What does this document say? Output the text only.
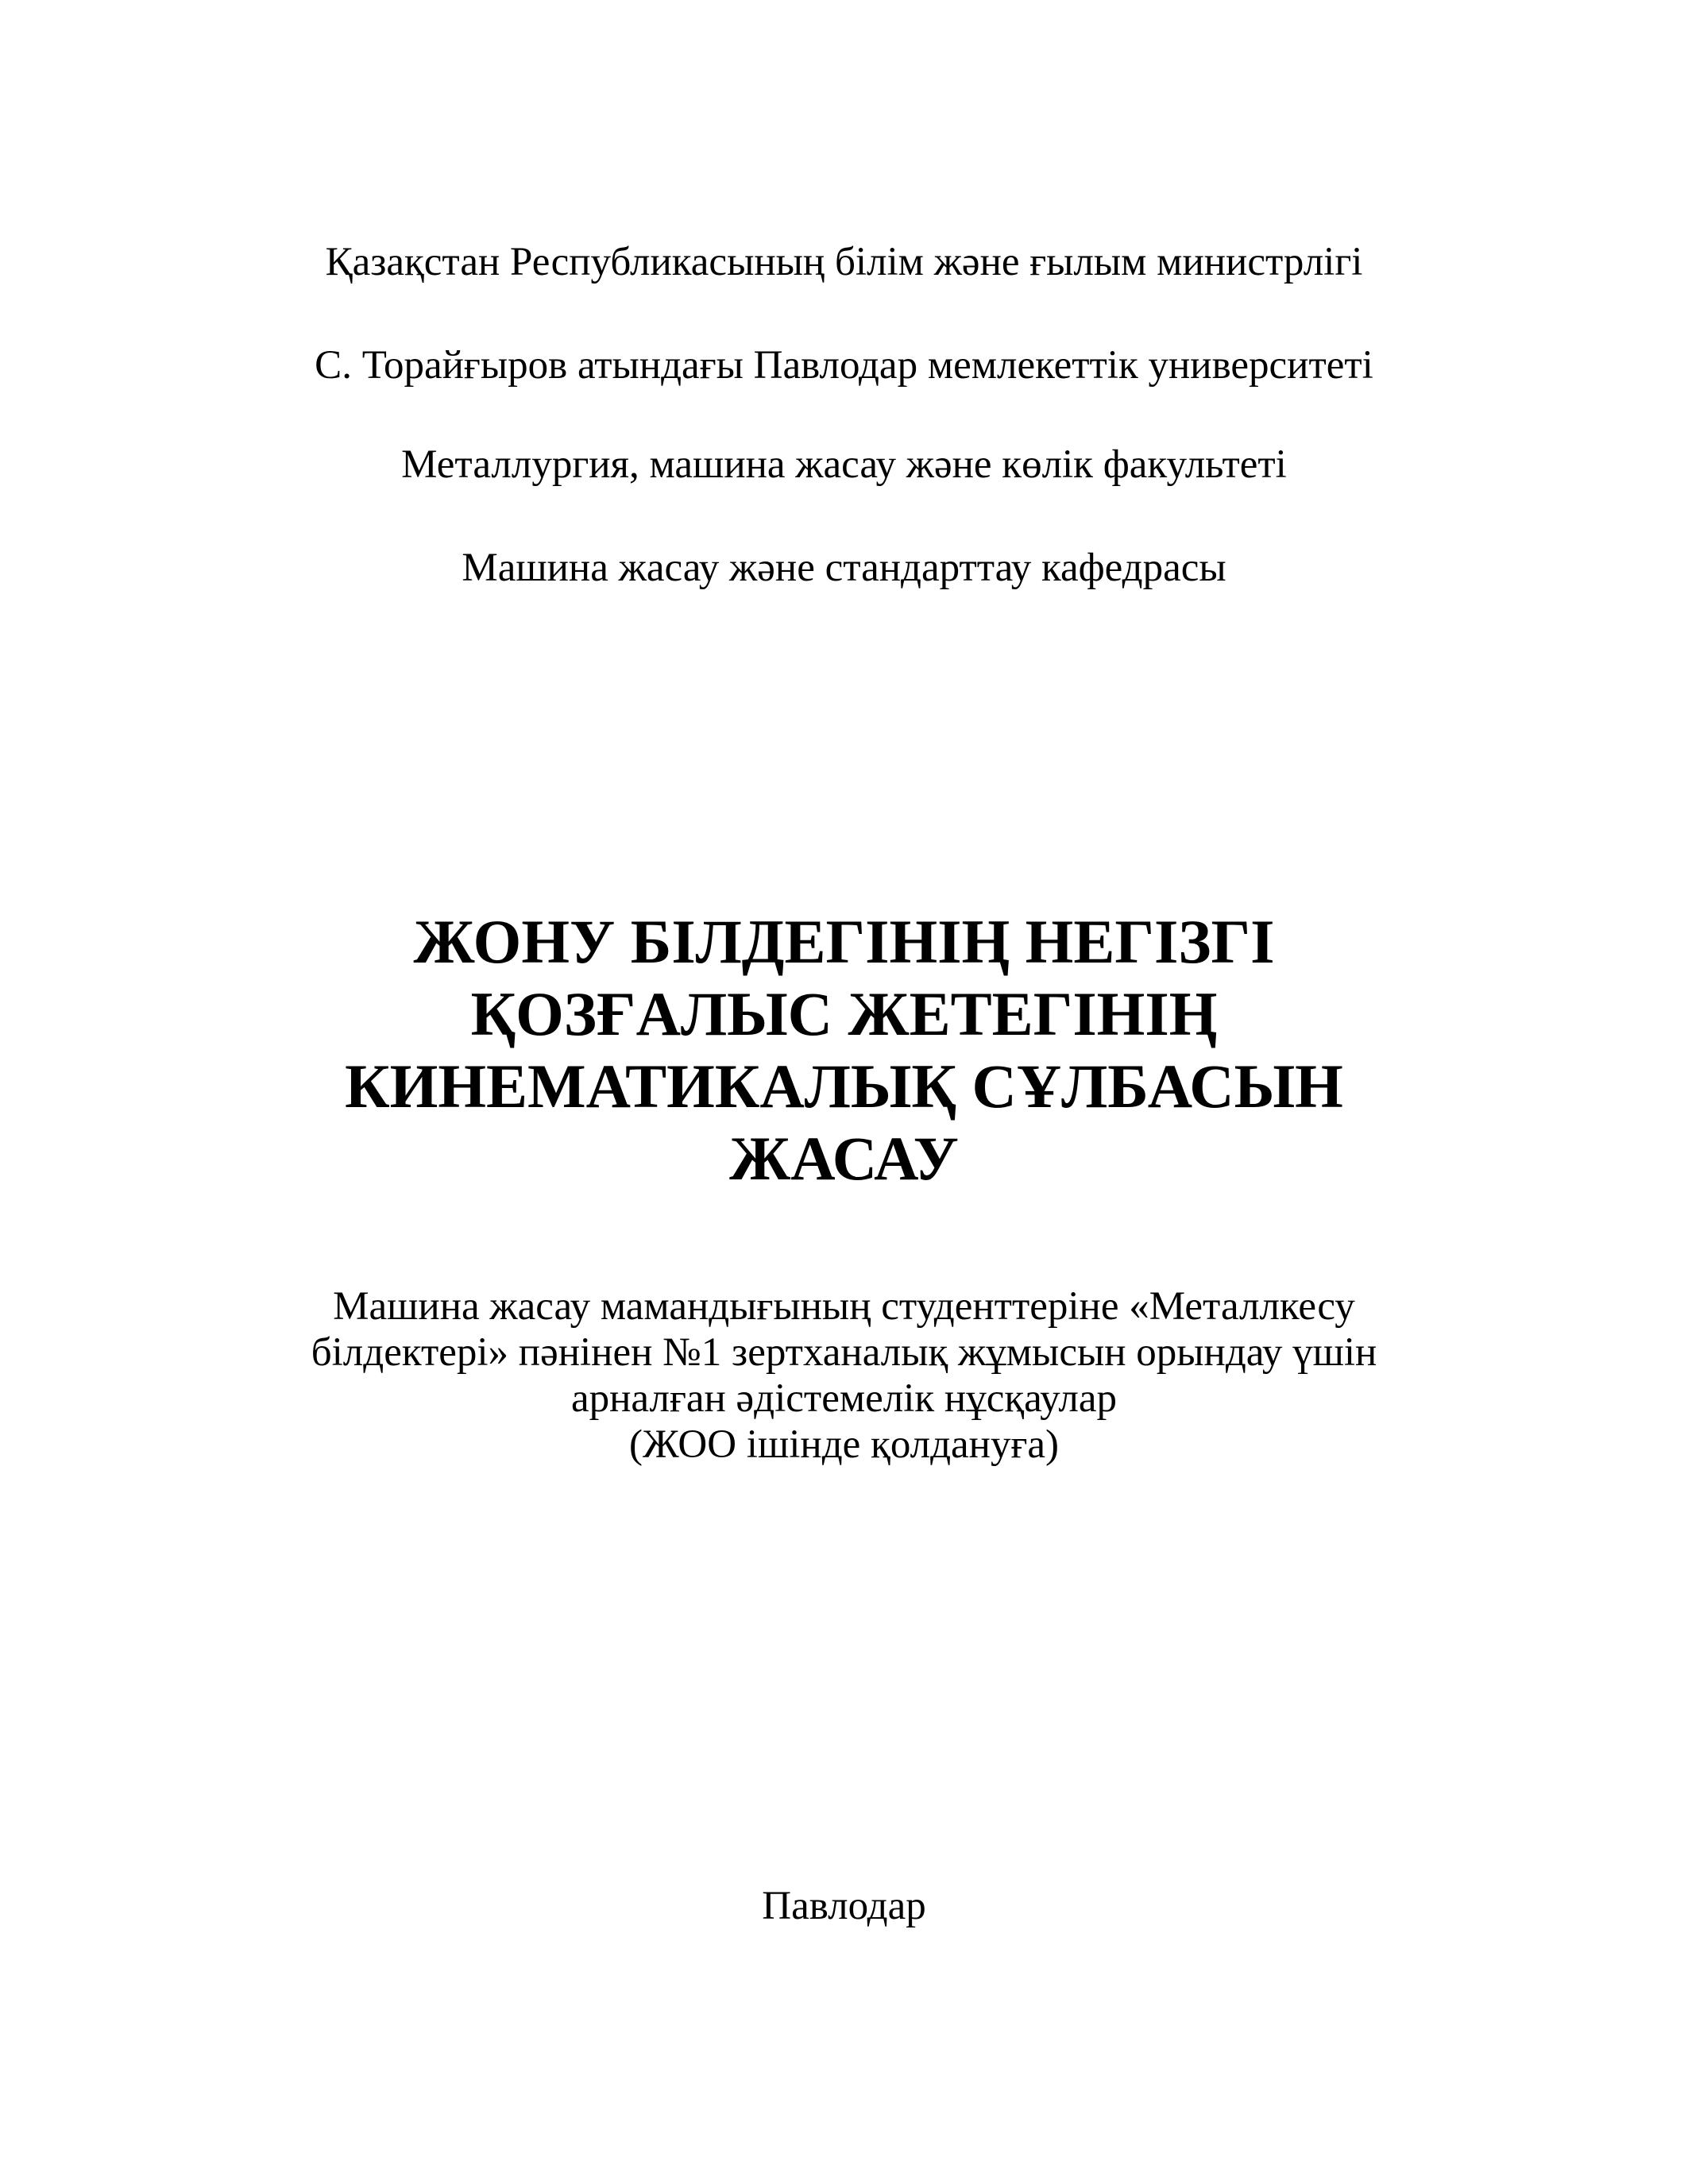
Қазақстан Республикасының білім және ғылым министрлігі
С. Торайғыров атындағы Павлодар мемлекеттік университеті
Металлургия, машина жасау және көлік факультеті
Машина жасау және стандарттау кафедрасы
ЖОНУ БІЛДЕГІНІҢ НЕГІЗГІ
ҚОЗҒАЛЫС ЖЕТЕГІНІҢ
КИНЕМАТИКАЛЫҚ СҰЛБАСЫН
ЖАСАУ
Машина жасау мамандығының студенттеріне «Металлкесу
білдектері» пәнінен №1 зертханалық жұмысын орындау үшін
арналған әдістемелік нұсқаулар
(ЖОО ішінде қолдануға)
Павлодар
